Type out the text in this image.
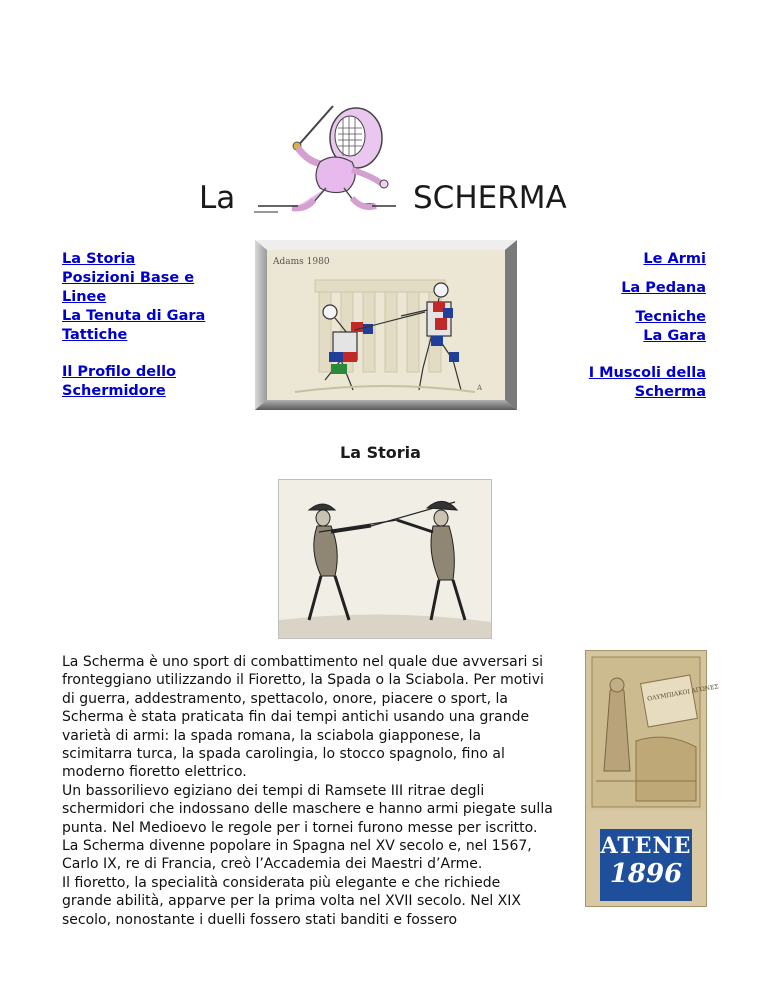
La	SCHERMA
La Storia
Posizioni Base e Linee
La Tenuta di Gara
Tattiche
Il Profilo dello Schermidore
Le Armi
La Pedana
Tecniche
La Gara
I Muscoli della Scherma
Adams 1980
A
La Storia
La Scherma è uno sport di combattimento nel quale due avversari si fronteggiano utilizzando il Fioretto, la Spada o la Sciabola. Per motivi di guerra, addestramento, spettacolo, onore, piacere o sport, la Scherma è stata praticata fin dai tempi antichi usando una grande varietà di armi: la spada romana, la sciabola giapponese, la scimitarra turca, la spada carolingia, lo stocco spagnolo, fino al moderno fioretto elettrico.
Un bassorilievo egiziano dei tempi di Ramsete III ritrae degli schermidori che indossano delle maschere e hanno armi piegate sulla punta. Nel Medioevo le regole per i tornei furono messe per iscritto. La Scherma divenne popolare in Spagna nel XV secolo e, nel 1567, Carlo IX, re di Francia, creò l’Accademia dei Maestri d’Arme.
Il fioretto, la specialità considerata più elegante e che richiede grande abilità, apparve per la prima volta nel XVII secolo. Nel XIX secolo, nonostante i duelli fossero stati banditi e fossero
ΟΛΥΜΠΙΑΚΟΙ ΑΓΩΝΕΣ
ATENE
1896
